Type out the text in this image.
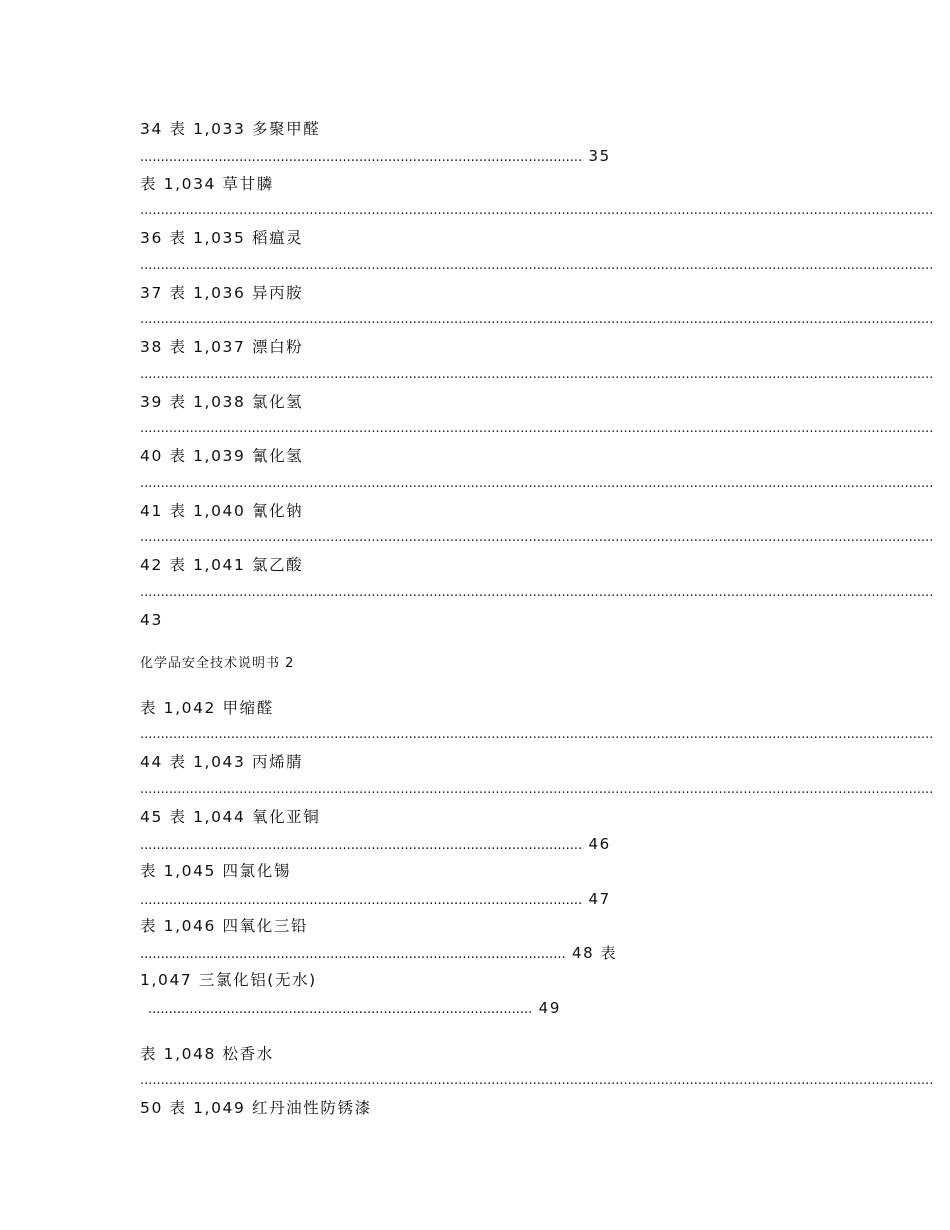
34 表 1,033 多聚甲醛
........................................................................................................... 35
表 1,034 草甘膦
................................................................................................................................................................................................
36 表 1,035 稻瘟灵
................................................................................................................................................................................................
37 表 1,036 异丙胺
................................................................................................................................................................................................
38 表 1,037 漂白粉
................................................................................................................................................................................................
39 表 1,038 氯化氢
................................................................................................................................................................................................
40 表 1,039 氰化氢
................................................................................................................................................................................................
41 表 1,040 氰化钠
................................................................................................................................................................................................
42 表 1,041 氯乙酸
................................................................................................................................................................................................
43
化学品安全技术说明书 2
表 1,042 甲缩醛
................................................................................................................................................................................................
44 表 1,043 丙烯腈
................................................................................................................................................................................................
45 表 1,044 氧化亚铜
........................................................................................................... 46
表 1,045 四氯化锡
........................................................................................................... 47
表 1,046 四氧化三铅
....................................................................................................... 48 表
1,047 三氯化铝(无水)
............................................................................................. 49
表 1,048 松香水
................................................................................................................................................................................................
50 表 1,049 红丹油性防锈漆
